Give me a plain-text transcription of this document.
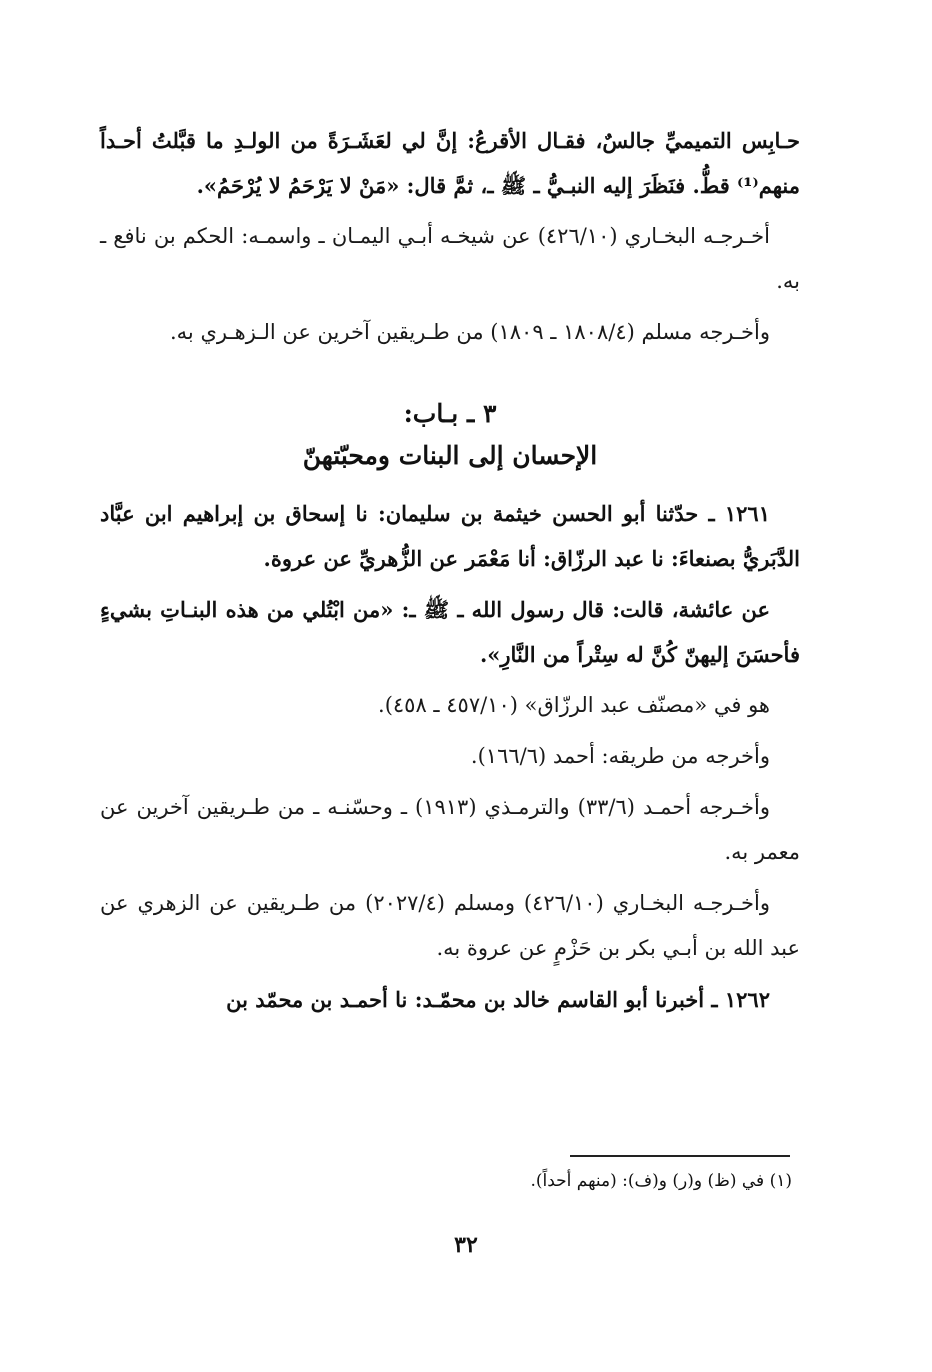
حـابِس التميميِّ جالسٌ، فقـال الأقرعُ: إنَّ لي لعَشَـرَةً من الولـدِ ما قبَّلتُ أحـداً منهم⁽¹⁾ قطُّ. فنَظَرَ إليه النبـيُّ ـ ﷺ ـ، ثمَّ قال: «مَنْ لا يَرْحَمُ لا يُرْحَمُ».

أخـرجـه البخـاري (٤٢٦/١٠) عن شيخـه أبـي اليمـان ـ واسمـه: الحكم بن نافع ـ به.

وأخـرجه مسلم (١٨٠٨/٤ ـ ١٨٠٩) من طـريقين آخرين عن الـزهـري به.

٣ ـ بـاب:

الإحسان إلى البنات ومحبّتهنّ

١٢٦١ ـ حدّثنا أبو الحسن خيثمة بن سليمان: نا إسحاق بن إبراهيم ابن عبَّاد الدَّبَريُّ بصنعاءَ: نا عبد الرزّاق: أنا مَعْمَر عن الزُّهريِّ عن عروة.

عن عائشة، قالت: قال رسول الله ـ ﷺ ـ: «من ابْتُلي من هذه البنـاتِ بشيءٍ فأحسَنَ إليهنّ كُنَّ له سِتْراً من النَّارِ».

هو في «مصنّف عبد الرزّاق» (٤٥٧/١٠ ـ ٤٥٨).

وأخرجه من طريقه: أحمد (١٦٦/٦).

وأخـرجه أحمـد (٣٣/٦) والترمـذي (١٩١٣) ـ وحسّنـه ـ من طـريقين آخرين عن معمر به.

وأخـرجـه البخـاري (٤٢٦/١٠) ومسلم (٢٠٢٧/٤) من طـريقين عن الزهري عن عبد الله بن أبـي بكر بن حَزْمٍ عن عروة به.

١٢٦٢ ـ أخبرنا أبو القاسم خالد بن محمّـد: نا أحمـد بن محمّد بن

(١) في (ظ) و(ر) و(ف): (منهم أحداً).

٣٢
